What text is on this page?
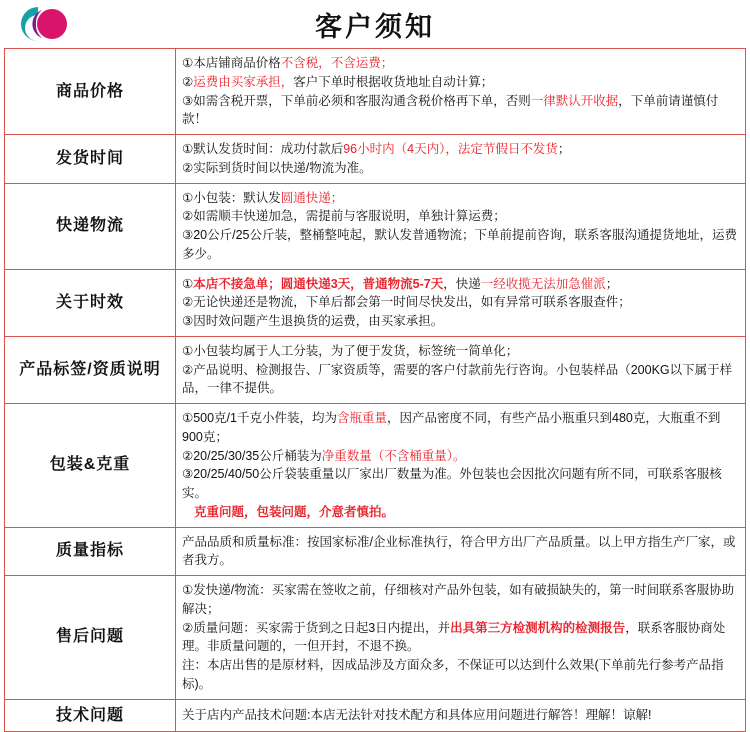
客户须知
商品价格	①本店铺商品价格不含税，不含运费；

②运费由买家承担，客户下单时根据收货地址自动计算；

③如需含税开票，下单前必须和客服沟通含税价格再下单，否则一律默认开收据，下单前请谨慎付款！

发货时间	①默认发货时间：成功付款后96小时内（4天内），法定节假日不发货；

②实际到货时间以快递/物流为准。

快递物流	①小包装：默认发圆通快递；

②如需顺丰快递加急，需提前与客服说明，单独计算运费；

③20公斤/25公斤装，整桶整吨起，默认发普通物流；下单前提前咨询，联系客服沟通提货地址，运费多少。

关于时效	①本店不接急单；圆通快递3天，普通物流5-7天，快递一经收揽无法加急催派；

②无论快递还是物流，下单后都会第一时间尽快发出，如有异常可联系客服查件；

③因时效问题产生退换货的运费，由买家承担。

产品标签/资质说明	①小包装均属于人工分装，为了便于发货，标签统一简单化；

②产品说明、检测报告、厂家资质等，需要的客户付款前先行咨询。小包装样品（200KG以下属于样品，一律不提供。

包装&克重	①500克/1千克小件装，均为含瓶重量，因产品密度不同，有些产品小瓶重只到480克，大瓶重不到900克；

②20/25/30/35公斤桶装为净重数量（不含桶重量）。

③20/25/40/50公斤袋装重量以厂家出厂数量为准。外包装也会因批次问题有所不同，可联系客服核实。

克重问题，包装问题，介意者慎拍。

质量指标	产品品质和质量标准：按国家标准/企业标准执行，符合甲方出厂产品质量。以上甲方指生产厂家，或者我方。

售后问题	①发快递/物流：买家需在签收之前，仔细核对产品外包装，如有破损缺失的，第一时间联系客服协助解决；

②质量问题：买家需于货到之日起3日内提出，并出具第三方检测机构的检测报告，联系客服协商处理。非质量问题的，一但开封，不退不换。

注：本店出售的是原材料，因成品涉及方面众多，不保证可以达到什么效果(下单前先行参考产品指标)。

技术问题	关于店内产品技术问题:本店无法针对技术配方和具体应用问题进行解答！理解！谅解!
